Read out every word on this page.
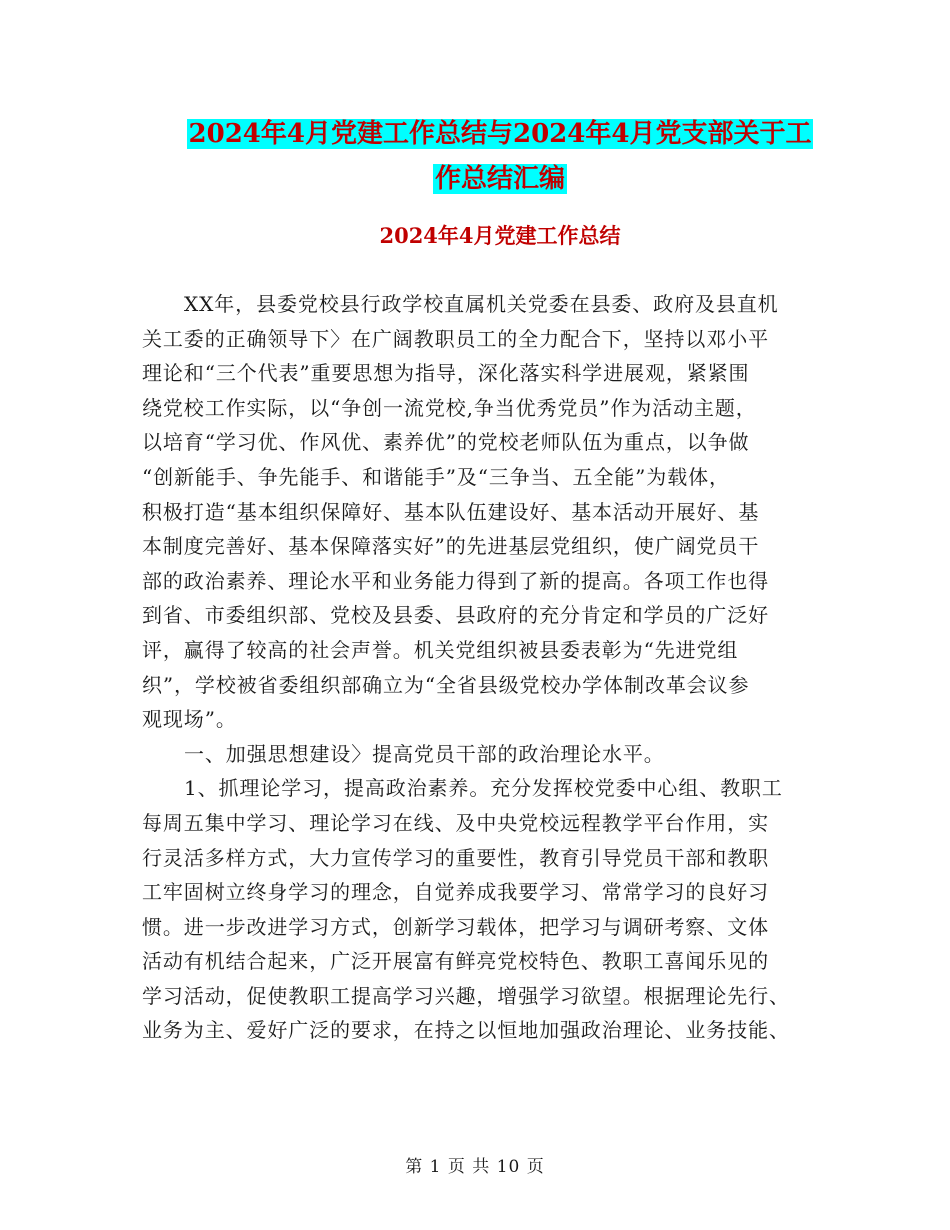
2024年4月党建工作总结与2024年4月党支部关于工
作总结汇编
2024年4月党建工作总结
XX年，县委党校县行政学校直属机关党委在县委、政府及县直机
关工委的正确领导下〉在广阔教职员工的全力配合下，坚持以邓小平
理论和“三个代表”重要思想为指导，深化落实科学进展观，紧紧围
绕党校工作实际，以“争创一流党校,争当优秀党员”作为活动主题，
以培育“学习优、作风优、素养优”的党校老师队伍为重点，以争做
“创新能手、争先能手、和谐能手”及“三争当、五全能”为载体，
积极打造“基本组织保障好、基本队伍建设好、基本活动开展好、基
本制度完善好、基本保障落实好”的先进基层党组织，使广阔党员干
部的政治素养、理论水平和业务能力得到了新的提高。各项工作也得
到省、市委组织部、党校及县委、县政府的充分肯定和学员的广泛好
评，赢得了较高的社会声誉。机关党组织被县委表彰为“先进党组
织”，学校被省委组织部确立为“全省县级党校办学体制改革会议参
观现场”。
一、加强思想建设〉提高党员干部的政治理论水平。
1、抓理论学习，提高政治素养。充分发挥校党委中心组、教职工
每周五集中学习、理论学习在线、及中央党校远程教学平台作用，实
行灵活多样方式，大力宣传学习的重要性，教育引导党员干部和教职
工牢固树立终身学习的理念，自觉养成我要学习、常常学习的良好习
惯。进一步改进学习方式，创新学习载体，把学习与调研考察、文体
活动有机结合起来，广泛开展富有鲜亮党校特色、教职工喜闻乐见的
学习活动，促使教职工提高学习兴趣，增强学习欲望。根据理论先行、
业务为主、爱好广泛的要求，在持之以恒地加强政治理论、业务技能、
第 1 页 共 10 页
